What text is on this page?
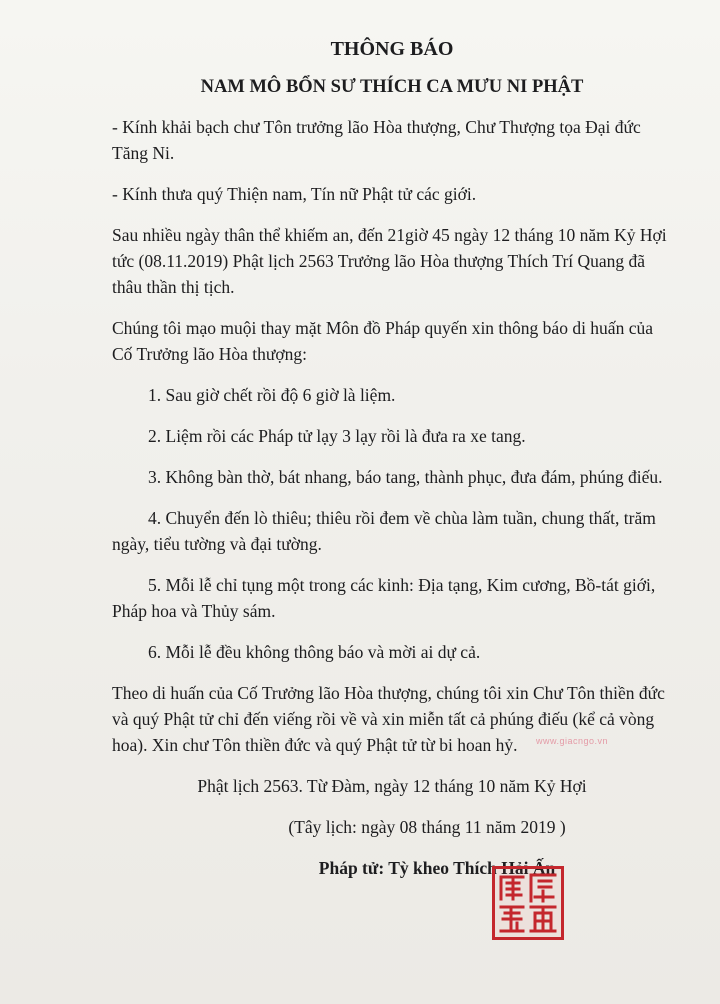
THÔNG BÁO
NAM MÔ BỔN SƯ THÍCH CA MƯU NI PHẬT

- Kính khải bạch chư Tôn trưởng lão Hòa thượng, Chư Thượng tọa Đại đức Tăng Ni.

- Kính thưa quý Thiện nam, Tín nữ Phật tử các giới.

Sau nhiều ngày thân thể khiếm an, đến 21giờ 45 ngày 12 tháng 10 năm Kỷ Hợi tức (08.11.2019) Phật lịch 2563 Trưởng lão Hòa thượng Thích Trí Quang đã thâu thần thị tịch.

Chúng tôi mạo muội thay mặt Môn đồ Pháp quyến xin thông báo di huấn của Cố Trưởng lão Hòa thượng:

1. Sau giờ chết rồi độ 6 giờ là liệm.

2. Liệm rồi các Pháp tử lạy 3 lạy rồi là đưa ra xe tang.

3. Không bàn thờ, bát nhang, báo tang, thành phục, đưa đám, phúng điếu.

4. Chuyển đến lò thiêu; thiêu rồi đem về chùa làm tuần, chung thất, trăm ngày, tiểu tường và đại tường.

5. Mỗi lễ chỉ tụng một trong các kinh: Địa tạng, Kim cương, Bồ-tát giới, Pháp hoa và Thủy sám.

6. Mỗi lễ đều không thông báo và mời ai dự cả.

Theo di huấn của Cố Trưởng lão Hòa thượng, chúng tôi xin Chư Tôn thiền đức và quý Phật tử chỉ đến viếng rồi về và xin miễn tất cả phúng điếu (kể cả vòng hoa). Xin chư Tôn thiền đức và quý Phật tử từ bi hoan hỷ.

Phật lịch 2563. Từ Đàm, ngày 12 tháng 10 năm Kỷ Hợi

(Tây lịch: ngày 08 tháng 11 năm 2019 )

Pháp tử: Tỳ kheo Thích Hải Ấn

www.giacngo.vn
